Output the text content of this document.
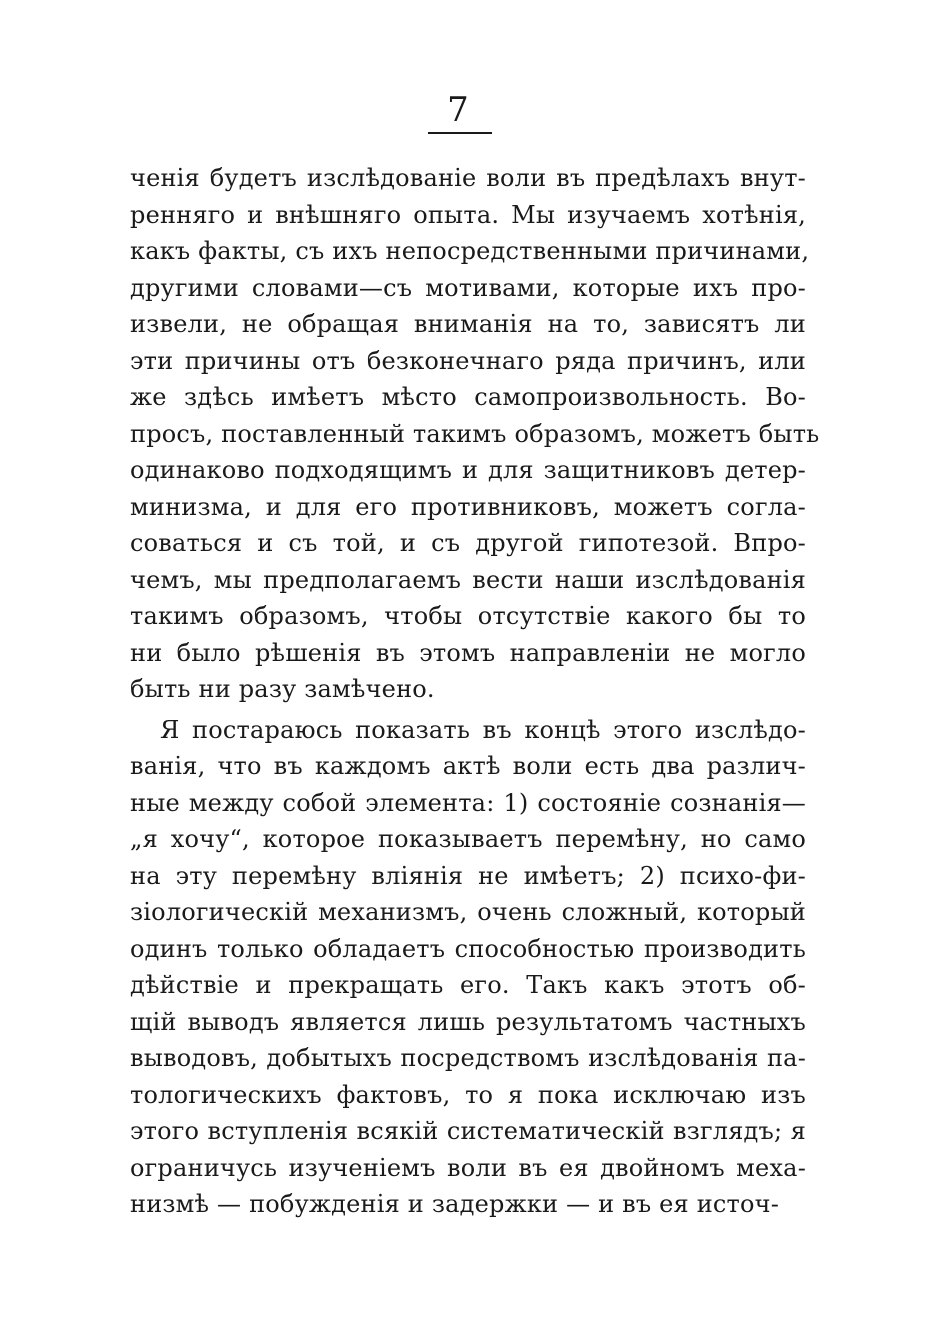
7
ченія будетъ изслѣдованіе воли въ предѣлахъ внут-
ренняго и внѣшняго опыта. Мы изучаемъ хотѣнія,
какъ факты, съ ихъ непосредственными причинами,
другими словами—съ мотивами, которые ихъ про-
извели, не обращая вниманія на то, зависятъ ли
эти причины отъ безконечнаго ряда причинъ, или
же здѣсь имѣетъ мѣсто самопроизвольность. Во-
просъ, поставленный такимъ образомъ, можетъ быть
одинаково подходящимъ и для защитниковъ детер-
минизма, и для его противниковъ, можетъ согла-
соваться и съ той, и съ другой гипотезой. Впро-
чемъ, мы предполагаемъ вести наши изслѣдованія
такимъ образомъ, чтобы отсутствіе какого бы то
ни было рѣшенія въ этомъ направленіи не могло
быть ни разу замѣчено.
Я постараюсь показать въ концѣ этого изслѣдо-
ванія, что въ каждомъ актѣ воли есть два различ-
ные между собой элемента: 1) состояніе сознанія—
„я хочу“, которое показываетъ перемѣну, но само
на эту перемѣну вліянія не имѣетъ; 2) психо-фи-
зіологическій механизмъ, очень сложный, который
одинъ только обладаетъ способностью производить
дѣйствіе и прекращать его. Такъ какъ этотъ об-
щій выводъ является лишь результатомъ частныхъ
выводовъ, добытыхъ посредствомъ изслѣдованія па-
тологическихъ фактовъ, то я пока исключаю изъ
этого вступленія всякій систематическій взглядъ; я
ограничусь изученіемъ воли въ ея двойномъ меха-
низмѣ — побужденія и задержки — и въ ея источ-
